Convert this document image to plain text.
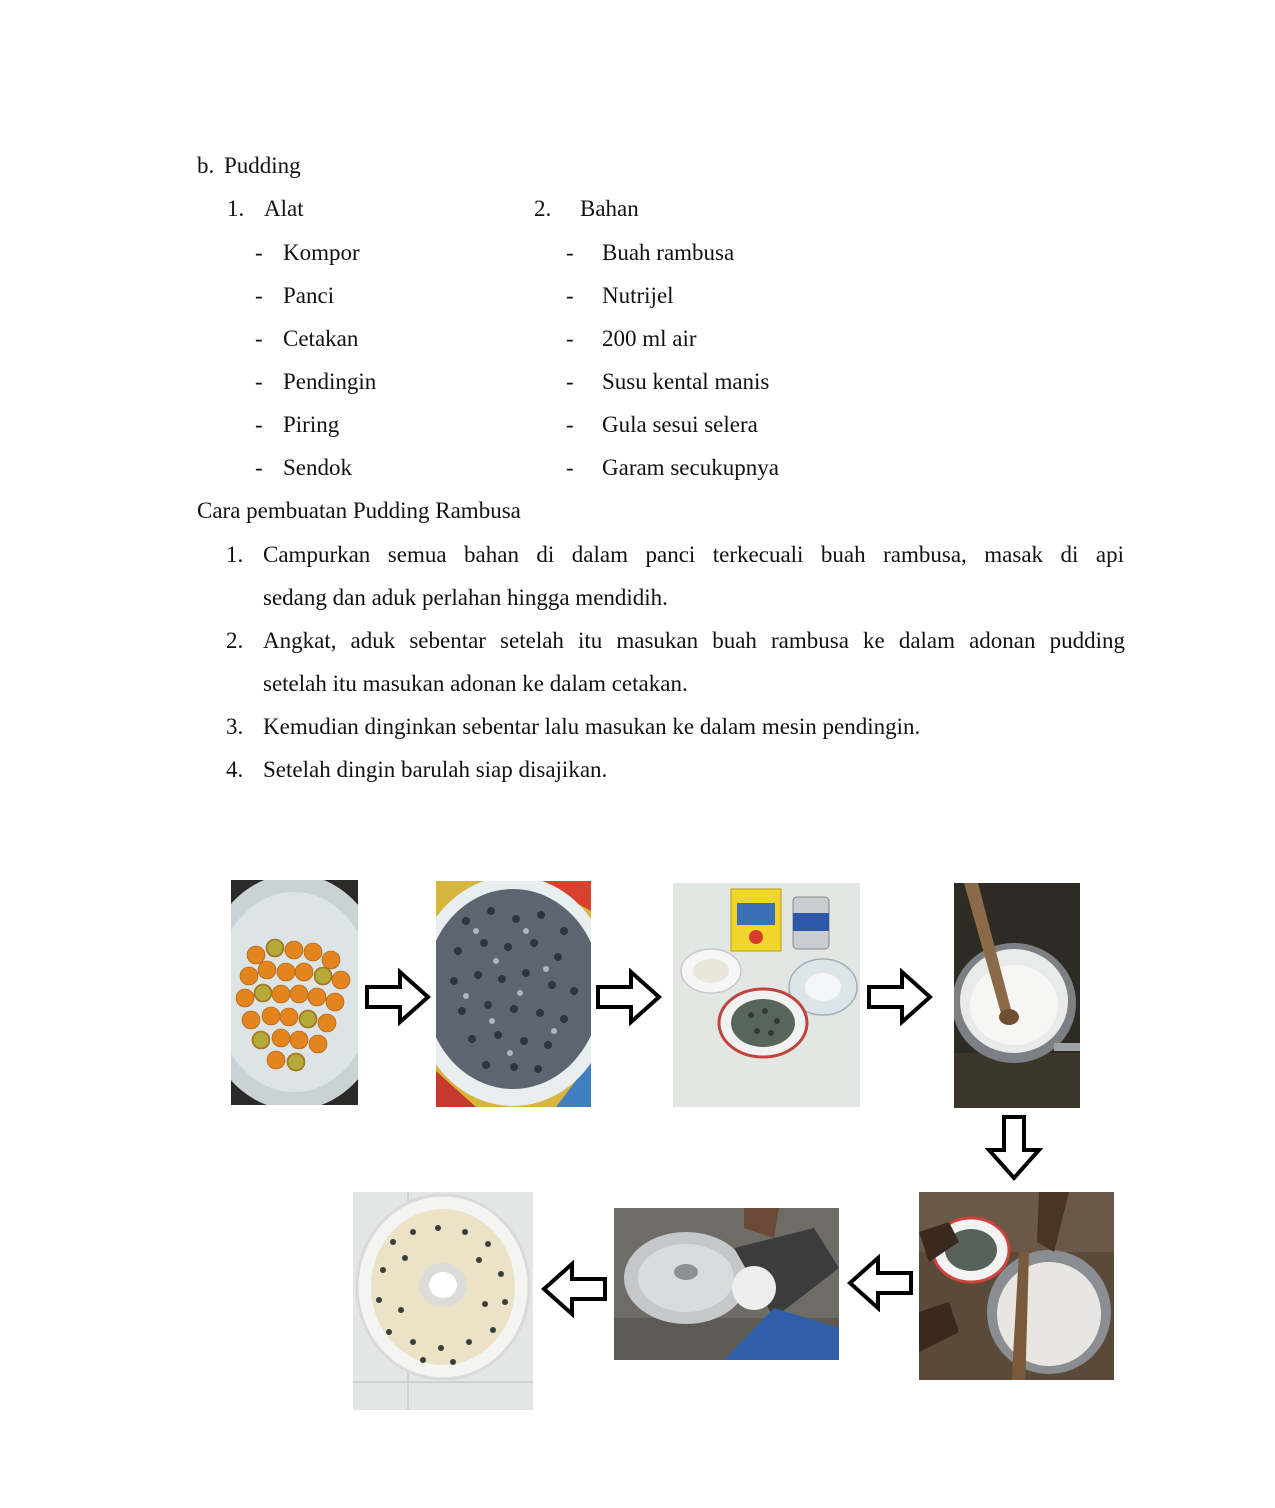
b. Pudding
1. Alat
- Kompor
- Panci
- Cetakan
- Pendingin
- Piring
- Sendok
2. Bahan
- Buah rambusa
- Nutrijel
- 200 ml air
- Susu kental manis
- Gula sesui selera
- Garam secukupnya
Cara pembuatan Pudding Rambusa
1. Campurkan semua bahan di dalam panci terkecuali buah rambusa, masak di api
sedang dan aduk perlahan hingga mendidih.
2. Angkat, aduk sebentar setelah itu masukan buah rambusa ke dalam adonan pudding
setelah itu masukan adonan ke dalam cetakan.
3. Kemudian dinginkan sebentar lalu masukan ke dalam mesin pendingin.
4. Setelah dingin barulah siap disajikan.
